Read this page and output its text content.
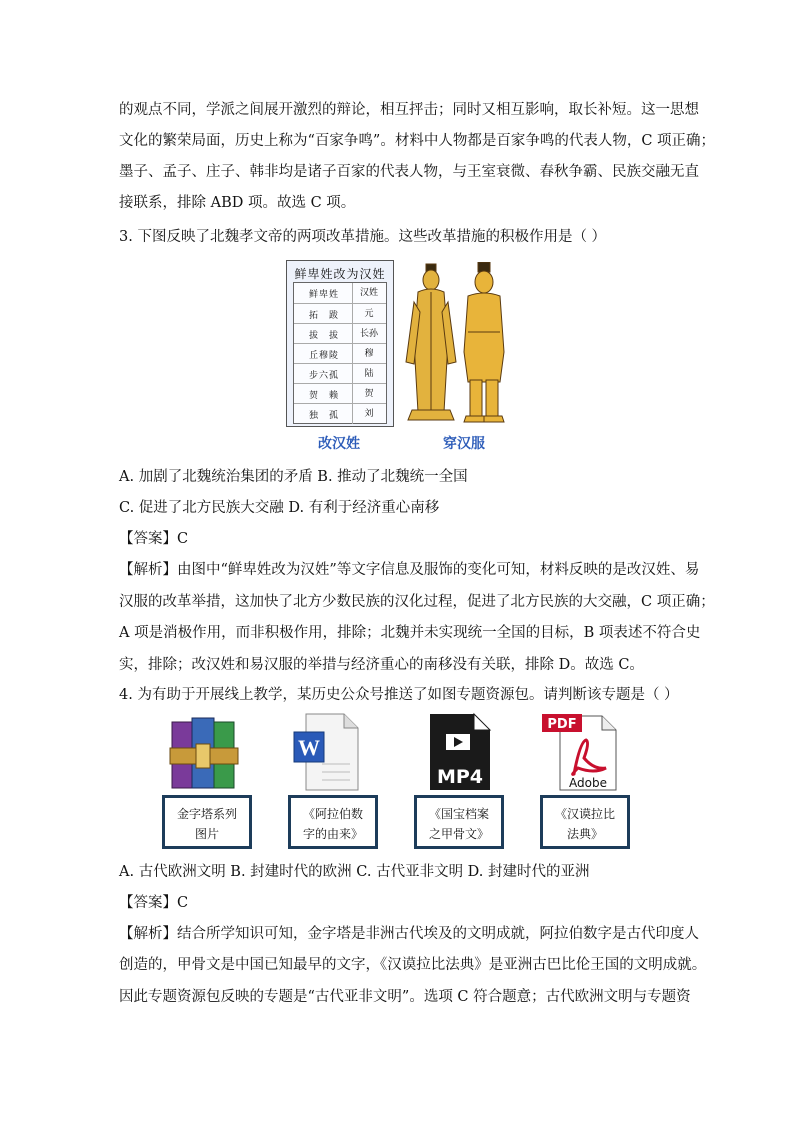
的观点不同，学派之间展开激烈的辩论，相互抨击；同时又相互影响，取长补短。这一思想
文化的繁荣局面，历史上称为“百家争鸣”。材料中人物都是百家争鸣的代表人物，C 项正确；
墨子、孟子、庄子、韩非均是诸子百家的代表人物，与王室衰微、春秋争霸、民族交融无直
接联系，排除 ABD 项。故选 C 项。
3. 下图反映了北魏孝文帝的两项改革措施。这些改革措施的积极作用是（ ）
鲜卑姓改为汉姓
鲜卑姓	汉姓
拓　跋	元
拔　拔	长孙
丘穆陵	穆
步六孤	陆
贺　赖	贺
独　孤	刘
改汉姓	穿汉服
A. 加剧了北魏统治集团的矛盾 B. 推动了北魏统一全国
C. 促进了北方民族大交融 D. 有利于经济重心南移
【答案】C
【解析】由图中“鲜卑姓改为汉姓”等文字信息及服饰的变化可知，材料反映的是改汉姓、易
汉服的改革举措，这加快了北方少数民族的汉化过程，促进了北方民族的大交融，C 项正确；
A 项是消极作用，而非积极作用，排除；北魏并未实现统一全国的目标，B 项表述不符合史
实，排除；改汉姓和易汉服的举措与经济重心的南移没有关联，排除 D。故选 C。
4. 为有助于开展线上教学，某历史公众号推送了如图专题资源包。请判断该专题是（ ）
W
MP4
PDF
Adobe
金字塔系列
图片
《阿拉伯数
字的由来》
《国宝档案
之甲骨文》
《汉谟拉比
法典》
A. 古代欧洲文明 B. 封建时代的欧洲 C. 古代亚非文明 D. 封建时代的亚洲
【答案】C
【解析】结合所学知识可知，金字塔是非洲古代埃及的文明成就，阿拉伯数字是古代印度人
创造的，甲骨文是中国已知最早的文字，《汉谟拉比法典》是亚洲古巴比伦王国的文明成就。
因此专题资源包反映的专题是“古代亚非文明”。选项 C 符合题意；古代欧洲文明与专题资
